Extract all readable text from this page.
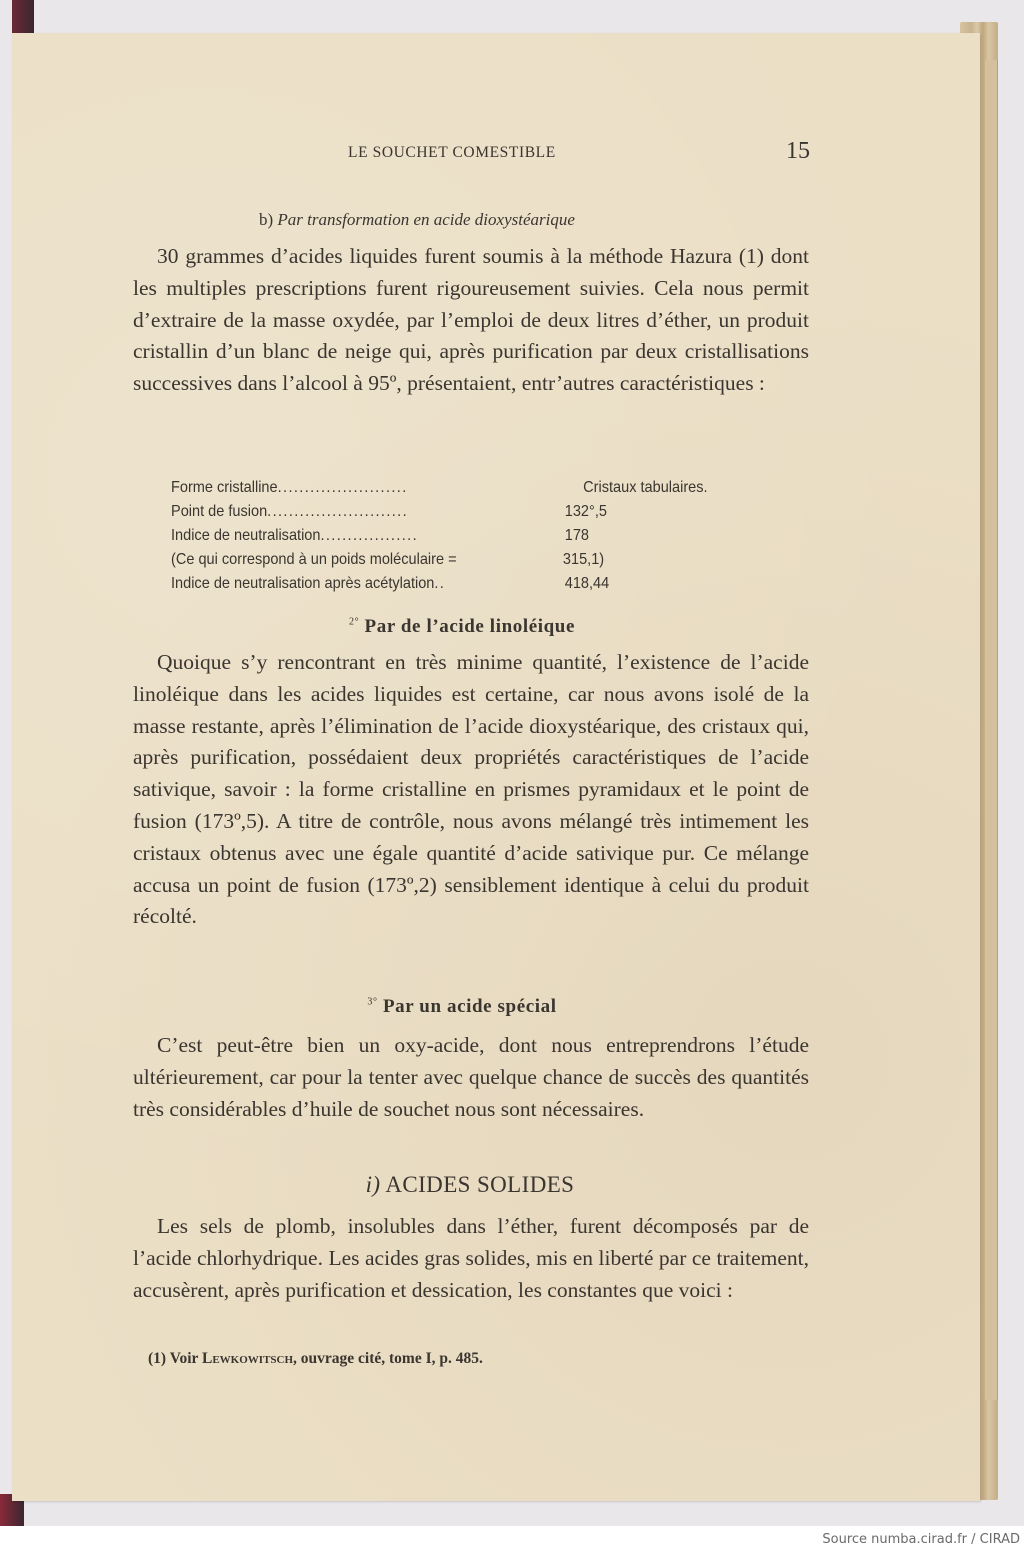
LE SOUCHET COMESTIBLE	15
b) Par transformation en acide dioxystéarique

30 grammes d’acides liquides furent soumis à la méthode Hazura (1) dont les multiples prescriptions furent rigoureusement suivies. Cela nous permit d’extraire de la masse oxydée, par l’emploi de deux litres d’éther, un produit cristallin d’un blanc de neige qui, après purification par deux cristallisations successives dans l’alcool à 95º, présentaient, entr’autres caractéristiques :

Forme cristalline........................	Cristaux tabulaires.
Point de fusion..........................	132°,5
Indice de neutralisation..................	178
(Ce qui correspond à un poids moléculaire =	315,1)
Indice de neutralisation après acétylation..	418,44
$^{2^\circ}$ Par de l’acide linoléique

Quoique s’y rencontrant en très minime quantité, l’existence de l’acide linoléique dans les acides liquides est certaine, car nous avons isolé de la masse restante, après l’élimination de l’acide dioxystéarique, des cristaux qui, après purification, possédaient deux propriétés caractéristiques de l’acide sativique, savoir : la forme cristalline en prismes pyramidaux et le point de fusion (173º,5). A titre de contrôle, nous avons mélangé très intimement les cristaux obtenus avec une égale quantité d’acide sativique pur. Ce mélange accusa un point de fusion (173º,2) sensiblement identique à celui du produit récolté.

$^{3^\circ}$ Par un acide spécial

C’est peut-être bien un oxy-acide, dont nous entreprendrons l’étude ultérieurement, car pour la tenter avec quelque chance de succès des quantités très considérables d’huile de souchet nous sont nécessaires.

i) ACIDES SOLIDES

Les sels de plomb, insolubles dans l’éther, furent décomposés par de l’acide chlorhydrique. Les acides gras solides, mis en liberté par ce traitement, accusèrent, après purification et dessication, les constantes que voici :

(1) Voir Lewkowitsch, ouvrage cité, tome I, p. 485.
Source numba.cirad.fr / CIRAD
